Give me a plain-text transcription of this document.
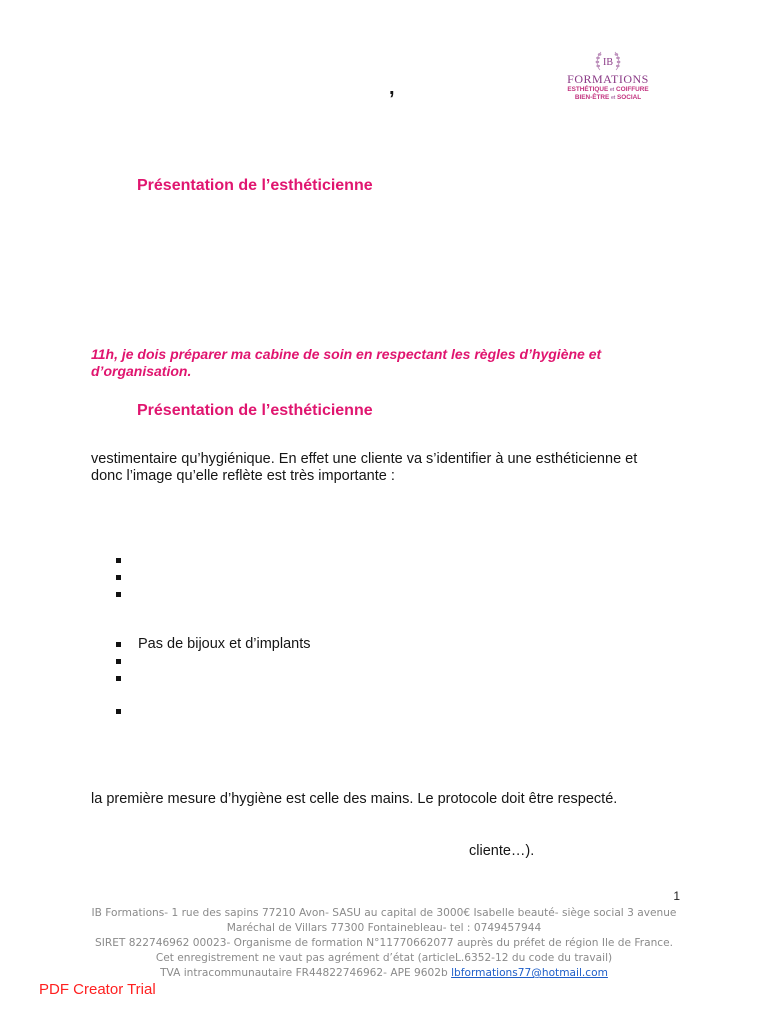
,
IB
FORMATIONS
ESTHÉTIQUE et COIFFURE
BIEN-ÊTRE et SOCIAL
Présentation de l’esthéticienne
11h, je dois préparer ma cabine de soin en respectant les règles d’hygiène et d’organisation.
Présentation de l’esthéticienne
vestimentaire qu’hygiénique. En effet une cliente va s’identifier à une esthéticienne et
donc l’image qu’elle reflète est très importante :
Pas de bijoux et d’implants
la première mesure d’hygiène est celle des mains. Le protocole doit être respecté.
cliente…).
1
IB Formations- 1 rue des sapins 77210 Avon- SASU au capital de 3000€ Isabelle beauté- siège social 3 avenue
Maréchal de Villars 77300 Fontainebleau- tel : 0749457944
SIRET 822746962 00023- Organisme de formation N°11770662077 auprès du préfet de région Ile de France.
Cet enregistrement ne vaut pas agrément d’état (articleL.6352-12 du code du travail)
TVA intracommunautaire FR44822746962- APE 9602b lbformations77@hotmail.com
PDF Creator Trial
